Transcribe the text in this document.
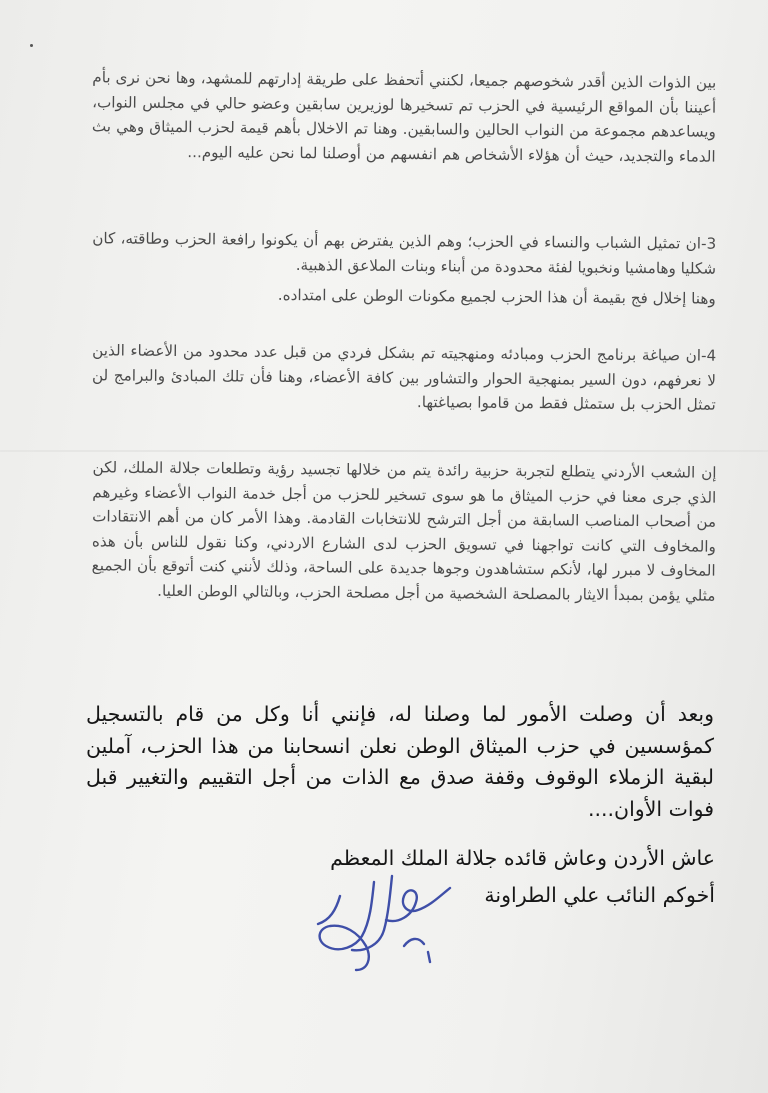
بين الذوات الذين أقدر شخوصهم جميعا، لكنني أتحفظ على طريقة إدارتهم للمشهد، وها نحن نرى بأم أعيننا بأن المواقع الرئيسية في الحزب تم تسخيرها لوزيرين سابقين وعضو حالي في مجلس النواب، ويساعدهم مجموعة من النواب الحالين والسابقين. وهنا تم الاخلال بأهم قيمة لحزب الميثاق وهي بث الدماء والتجديد، حيث أن هؤلاء الأشخاص هم انفسهم من أوصلنا لما نحن عليه اليوم...

3-ان تمثيل الشباب والنساء في الحزب؛ وهم الذين يفترض بهم أن يكونوا رافعة الحزب وطاقته، كان شكليا وهامشيا ونخبويا لفئة محدودة من أبناء وبنات الملاعق الذهبية.

وهنا إخلال فج بقيمة أن هذا الحزب لجميع مكونات الوطن على امتداده.

4-ان صياغة برنامج الحزب ومبادئه ومنهجيته تم بشكل فردي من قبل عدد محدود من الأعضاء الذين لا نعرفهم، دون السير بمنهجية الحوار والتشاور بين كافة الأعضاء، وهنا فأن تلك المبادئ والبرامج لن تمثل الحزب بل ستمثل فقط من قاموا بصياغتها.

إن الشعب الأردني يتطلع لتجربة حزبية رائدة يتم من خلالها تجسيد رؤية وتطلعات جلالة الملك، لكن الذي جرى معنا في حزب الميثاق ما هو سوى تسخير للحزب من أجل خدمة النواب الأعضاء وغيرهم من أصحاب المناصب السابقة من أجل الترشح للانتخابات القادمة. وهذا الأمر كان من أهم الانتقادات والمخاوف التي كانت تواجهنا في تسويق الحزب لدى الشارع الاردني، وكنا نقول للناس بأن هذه المخاوف لا مبرر لها، لأنكم ستشاهدون وجوها جديدة على الساحة، وذلك لأنني كنت أتوقع بأن الجميع مثلي يؤمن بمبدأ الايثار بالمصلحة الشخصية من أجل مصلحة الحزب، وبالتالي الوطن العليا.

وبعد أن وصلت الأمور لما وصلنا له، فإنني أنا وكل من قام بالتسجيل كمؤسسين في حزب الميثاق الوطن نعلن انسحابنا من هذا الحزب، آملين لبقية الزملاء الوقوف وقفة صدق مع الذات من أجل التقييم والتغيير قبل فوات الأوان....

عاش الأردن وعاش قائده جلالة الملك المعظم
أخوكم النائب علي الطراونة
